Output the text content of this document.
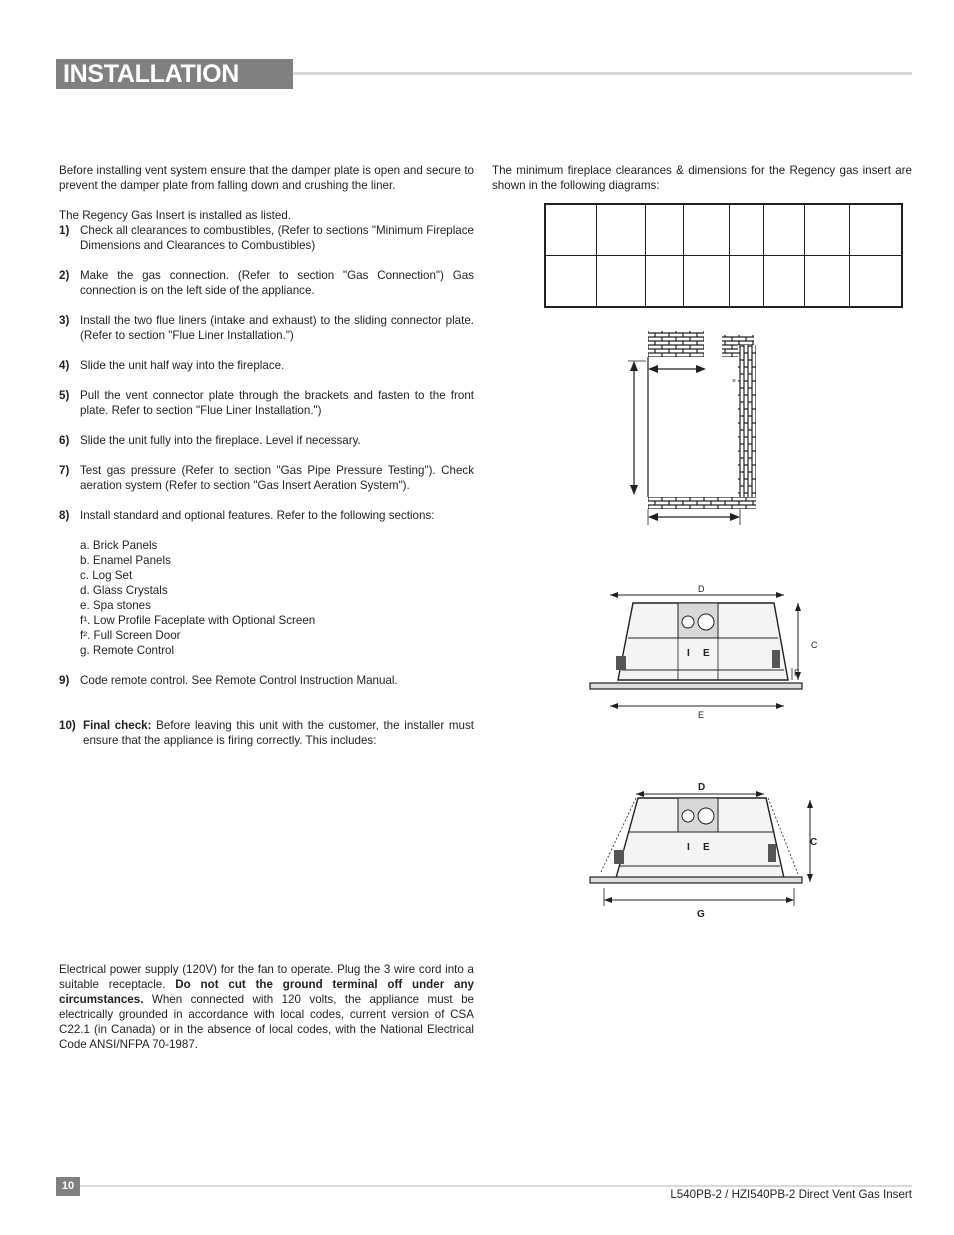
INSTALLATION

Before installing vent system ensure that the damper plate is open and secure to prevent the damper plate from falling down and crushing the liner.

The Regency Gas Insert is installed as listed.

1) Check all clearances to combustibles, (Refer to sections "Minimum Fireplace Dimensions and Clearances to Combustibles)
2) Make the gas connection. (Refer to section "Gas Connection") Gas connection is on the left side of the appliance.
3) Install the two flue liners (intake and exhaust) to the sliding connector plate. (Refer to section "Flue Liner Installation.")
4) Slide the unit half way into the fireplace.
5) Pull the vent connector plate through the brackets and fasten to the front plate. Refer to section "Flue Liner Installation.")
6) Slide the unit fully into the fireplace. Level if necessary.
7) Test gas pressure (Refer to section "Gas Pipe Pressure Testing"). Check aeration system (Refer to section "Gas Insert Aeration System").
8) Install standard and optional features. Refer to the following sections:
a. Brick Panels
b. Enamel Panels
c. Log Set
d. Glass Crystals
e. Spa stones
f¹. Low Profile Faceplate with Optional Screen
f². Full Screen Door
g. Remote Control
9) Code remote control. See Remote Control Instruction Manual.
10) Final check: Before leaving this unit with the customer, the installer must ensure that the appliance is firing correctly. This includes:

Electrical power supply (120V) for the fan to operate. Plug the 3 wire cord into a suitable receptacle. Do not cut the ground terminal off under any circumstances. When connected with 120 volts, the appliance must be electrically grounded in accordance with local codes, current version of CSA C22.1 (in Canada) or in the absence of local codes, with the National Electrical Code ANSI/NFPA 70-1987.

The minimum fireplace clearances & dimensions for the Regency gas insert are shown in the following diagrams:

×
D
I E
C
F
E
D
I E	C
G
10
L540PB-2 / HZI540PB-2 Direct Vent Gas Insert
